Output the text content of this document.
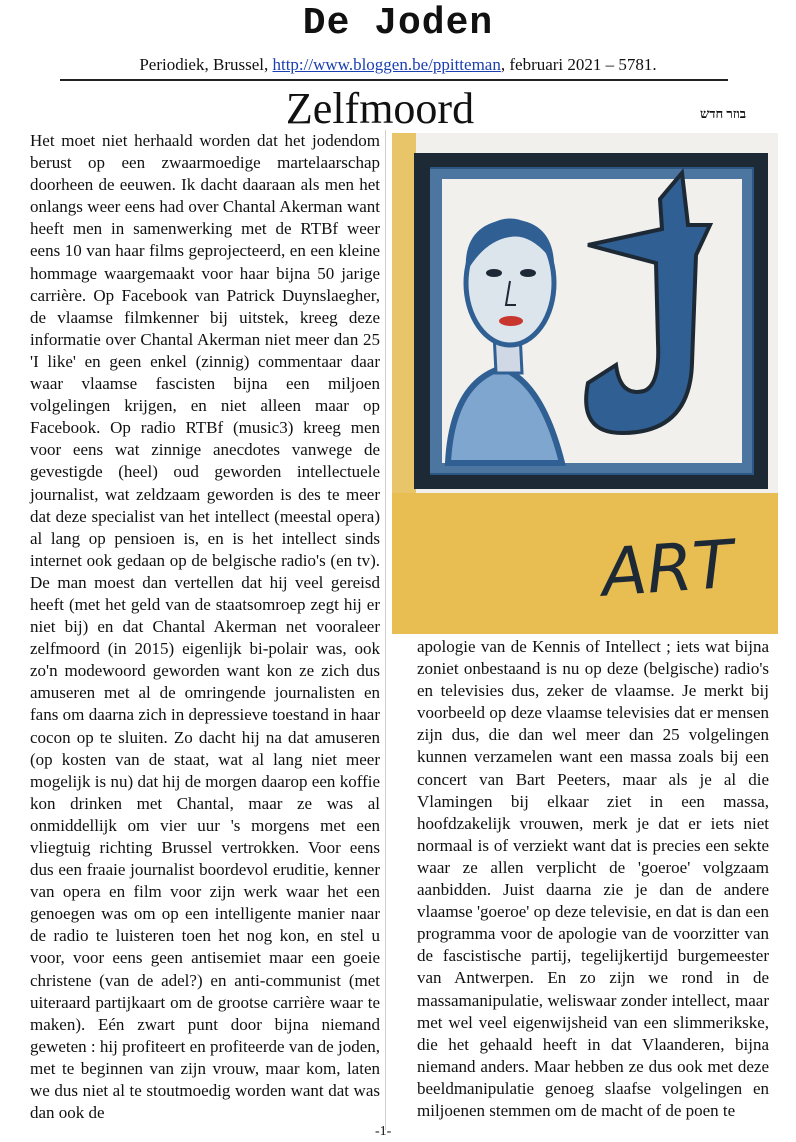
De Joden
Periodiek, Brussel, http://www.bloggen.be/ppitteman, februari 2021 – 5781.
Zelfmoord	בוזר חדש
Het moet niet herhaald worden dat het jodendom berust op een zwaarmoedige martelaarschap doorheen de eeuwen. Ik dacht daaraan als men het onlangs weer eens had over Chantal Akerman want heeft men in samenwerking met de RTBf weer eens 10 van haar films geprojecteerd, en een kleine hommage waargemaakt voor haar bijna 50 jarige carrière. Op Facebook van Patrick Duynslaegher, de vlaamse filmkenner bij uitstek, kreeg deze informatie over Chantal Akerman niet meer dan 25 'I like' en geen enkel (zinnig) commentaar daar waar vlaamse fascisten bijna een miljoen volgelingen krijgen, en niet alleen maar op Facebook. Op radio RTBf (music3) kreeg men voor eens wat zinnige anecdotes vanwege de gevestigde (heel) oud geworden intellectuele journalist, wat zeldzaam geworden is des te meer dat deze specialist van het intellect (meestal opera) al lang op pensioen is, en is het intellect sinds internet ook gedaan op de belgische radio's (en tv). De man moest dan vertellen dat hij veel gereisd heeft (met het geld van de staatsomroep zegt hij er niet bij) en dat Chantal Akerman net vooraleer zelfmoord (in 2015) eigenlijk bi-polair was, ook zo'n modewoord geworden want kon ze zich dus amuseren met al de omringende journalisten en fans om daarna zich in depressieve toestand in haar cocon op te sluiten. Zo dacht hij na dat amuseren (op kosten van de staat, wat al lang niet meer mogelijk is nu) dat hij de morgen daarop een koffie kon drinken met Chantal, maar ze was al onmiddellijk om vier uur 's morgens met een vliegtuig richting Brussel vertrokken. Voor eens dus een fraaie journalist boordevol eruditie, kenner van opera en film voor zijn werk waar het een genoegen was om op een intelligente manier naar de radio te luisteren toen het nog kon, en stel u voor, voor eens geen antisemiet maar een goeie christene (van de adel?) en anti-communist (met uiteraard partijkaart om de grootse carrière waar te maken). Eén zwart punt door bijna niemand geweten : hij profiteert en profiteerde van de joden, met te beginnen van zijn vrouw, maar kom, laten we dus niet al te stoutmoedig worden want dat was dan ook de
ART
apologie van de Kennis of Intellect ; iets wat bijna zoniet onbestaand is nu op deze (belgische) radio's en televisies dus, zeker de vlaamse. Je merkt bij voorbeeld op deze vlaamse televisies dat er mensen zijn dus, die dan wel meer dan 25 volgelingen kunnen verzamelen want een massa zoals bij een concert van Bart Peeters, maar als je al die Vlamingen bij elkaar ziet in een massa, hoofdzakelijk vrouwen, merk je dat er iets niet normaal is of verziekt want dat is precies een sekte waar ze allen verplicht de 'goeroe' volgzaam aanbidden. Juist daarna zie je dan de andere vlaamse 'goeroe' op deze televisie, en dat is dan een programma voor de apologie van de voorzitter van de fascistische partij, tegelijkertijd burgemeester van Antwerpen. En zo zijn we rond in de massamanipulatie, weliswaar zonder intellect, maar met wel veel eigenwijsheid van een slimmerikske, die het gehaald heeft in dat Vlaanderen, bijna niemand anders. Maar hebben ze dus ook met deze beeldmanipulatie genoeg slaafse volgelingen en miljoenen stemmen om de macht of de poen te
-1-
